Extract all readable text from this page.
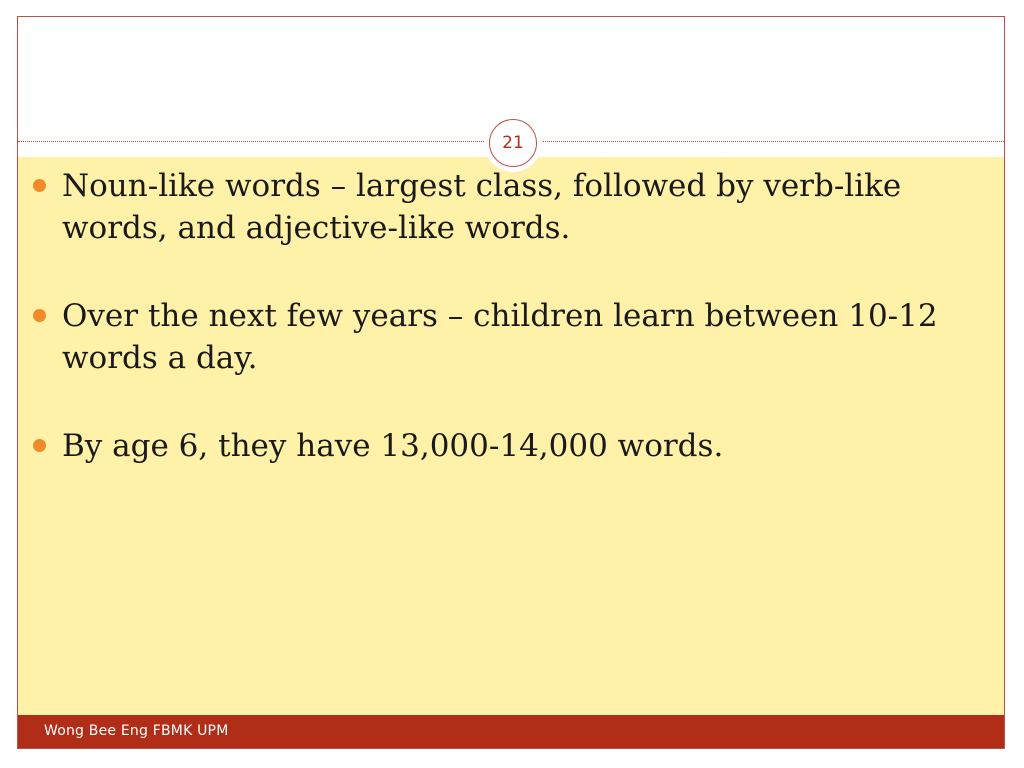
21
Wong Bee Eng FBMK UPM
Noun-like words – largest class, followed by verb-like words, and adjective-like words.
Over the next few years – children learn between 10-12 words a day.
By age 6, they have 13,000-14,000 words.
